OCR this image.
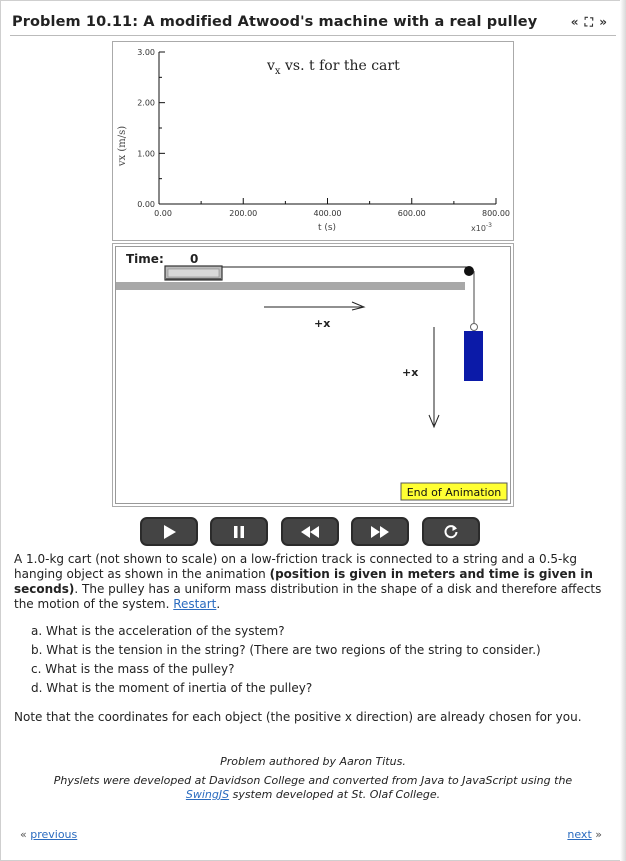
Problem 10.11: A modified Atwood's machine with a real pulley	« ⛶ »
$v_x$ vs. t for the cart
vx (m/s)
t (s)	$x10^{-3}$
0.00
1.00
2.00
3.00
0.00	200.00	400.00	600.00	800.00
Time: 0
+x
+x
End of Animation
A 1.0-kg cart (not shown to scale) on a low-friction track is connected to a string and a 0.5-kg hanging object as shown in the animation (position is given in meters and time is given in seconds). The pulley has a uniform mass distribution in the shape of a disk and therefore affects the motion of the system. Restart.
a. What is the acceleration of the system?
b. What is the tension in the string? (There are two regions of the string to consider.)
c. What is the mass of the pulley?
d. What is the moment of inertia of the pulley?
Note that the coordinates for each object (the positive x direction) are already chosen for you.
Problem authored by Aaron Titus.
Physlets were developed at Davidson College and converted from Java to JavaScript using the
SwingJS system developed at St. Olaf College.
« previous	next »
